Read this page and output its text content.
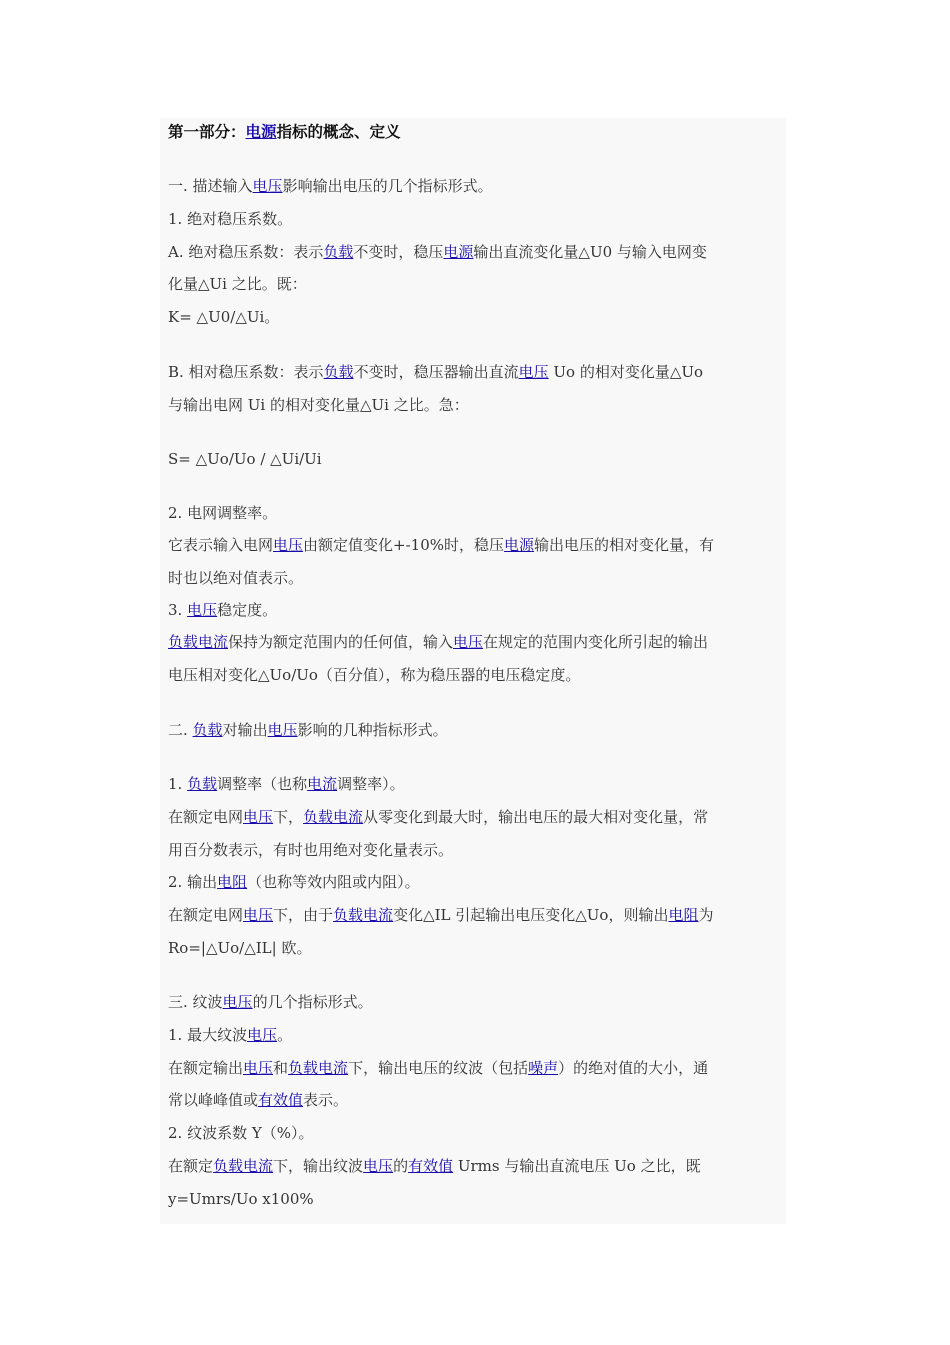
第一部分：电源指标的概念、定义
一. 描述输入电压影响输出电压的几个指标形式。
1. 绝对稳压系数。
A. 绝对稳压系数：表示负载不变时，稳压电源输出直流变化量△U0 与输入电网变
化量△Ui 之比。既：
K= △U0/△Ui。
B. 相对稳压系数：表示负载不变时，稳压器输出直流电压 Uo 的相对变化量△Uo
与输出电网 Ui 的相对变化量△Ui 之比。急：
S= △Uo/Uo / △Ui/Ui
2. 电网调整率。
它表示输入电网电压由额定值变化+-10%时，稳压电源输出电压的相对变化量，有
时也以绝对值表示。
3. 电压稳定度。
负载电流保持为额定范围内的任何值，输入电压在规定的范围内变化所引起的输出
电压相对变化△Uo/Uo（百分值），称为稳压器的电压稳定度。
二. 负载对输出电压影响的几种指标形式。
1. 负载调整率（也称电流调整率）。
在额定电网电压下，负载电流从零变化到最大时，输出电压的最大相对变化量，常
用百分数表示，有时也用绝对变化量表示。
2. 输出电阻（也称等效内阻或内阻）。
在额定电网电压下，由于负载电流变化△IL 引起输出电压变化△Uo，则输出电阻为
Ro=|△Uo/△IL| 欧。
三. 纹波电压的几个指标形式。
1. 最大纹波电压。
在额定输出电压和负载电流下，输出电压的纹波（包括噪声）的绝对值的大小，通
常以峰峰值或有效值表示。
2. 纹波系数 Y（%）。
在额定负载电流下，输出纹波电压的有效值 Urms 与输出直流电压 Uo 之比，既
y=Umrs/Uo x100%
